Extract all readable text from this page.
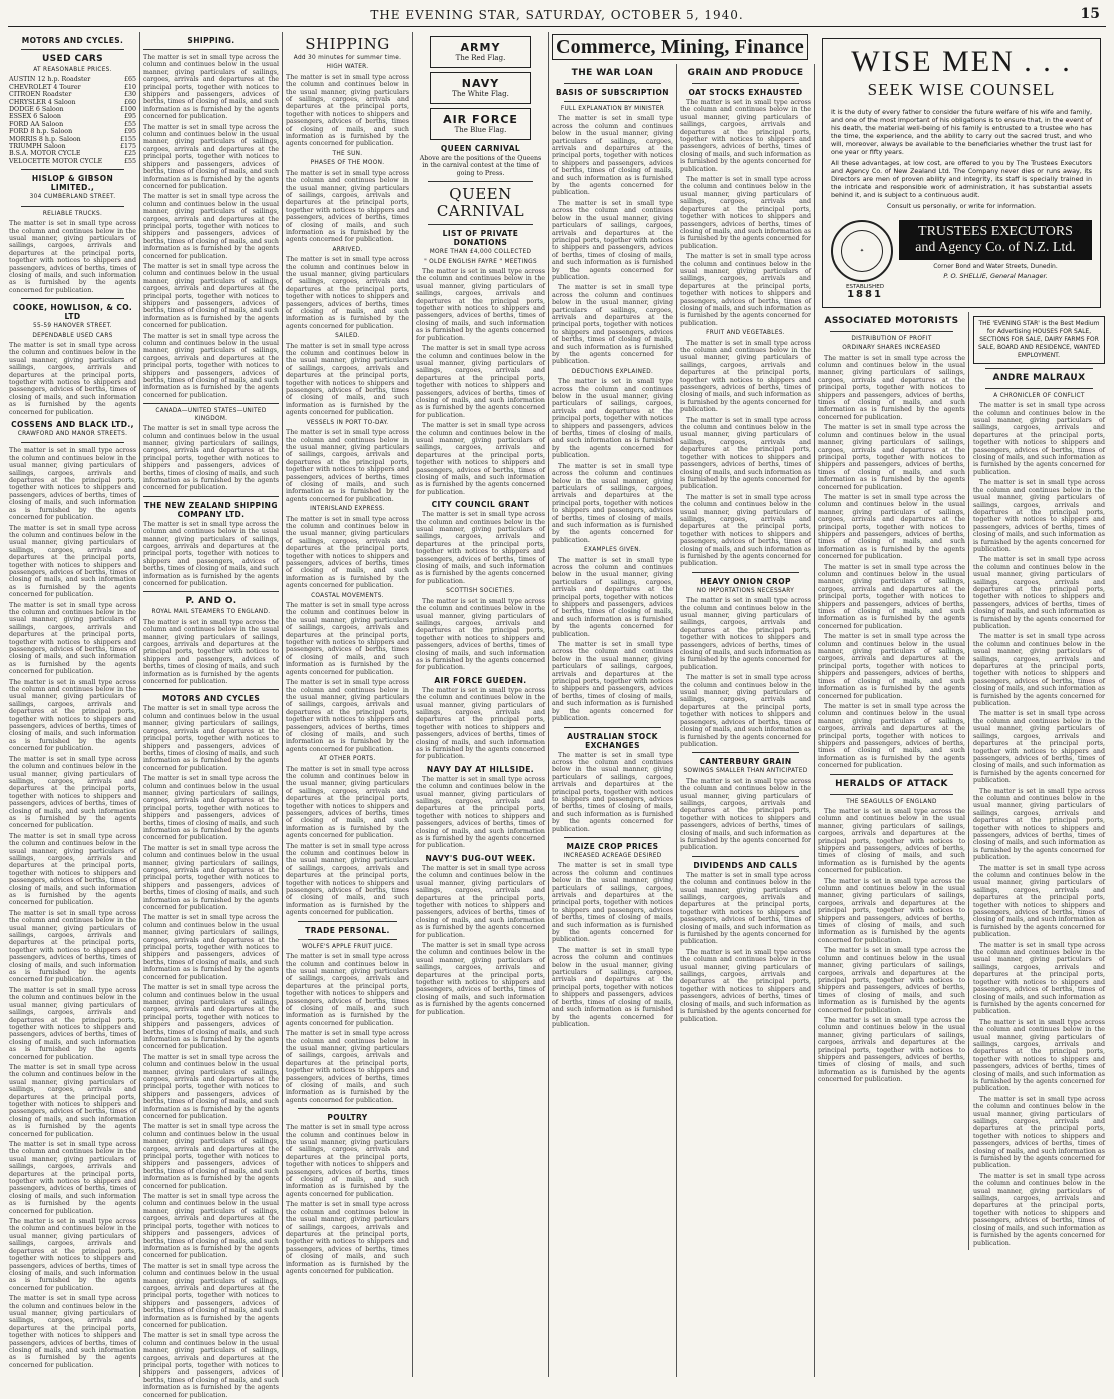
THE EVENING STAR, SATURDAY, OCTOBER 5, 1940.	15
MOTORS AND CYCLES.
USED CARS
AT REASONABLE PRICES.
AUSTIN 12 h.p. Roadster	£65
CHEVROLET 4 Tourer	£10
CITROEN Roadster	£30
CHRYSLER 4 Saloon	£60
DODGE 6 Saloon	£100
ESSEX 6 Saloon	£95
FORD AA Saloon	£55
FORD 8 h.p. Saloon	£95
MORRIS 8 h.p. Saloon	£155
TRIUMPH Saloon	£175
B.S.A. MOTOR CYCLE	£25
VELOCETTE MOTOR CYCLE	£55
HISLOP & GIBSON LIMITED.,
304 CUMBERLAND STREET.
RELIABLE TRUCKS.

The matter is set in small type across the column and continues below in the usual manner, giving particulars of sailings, cargoes, arrivals and departures at the principal ports, together with notices to shippers and passengers, advices of berths, times of closing of mails, and such information as is furnished by the agents concerned for publication.

COOKE, HOWLISON, & CO. LTD
55-59 HANOVER STREET.
DEPENDABLE USED CARS

The matter is set in small type across the column and continues below in the usual manner, giving particulars of sailings, cargoes, arrivals and departures at the principal ports, together with notices to shippers and passengers, advices of berths, times of closing of mails, and such information as is furnished by the agents concerned for publication.

COSSENS AND BLACK LTD.,
CRAWFORD AND MANOR STREETS.

The matter is set in small type across the column and continues below in the usual manner, giving particulars of sailings, cargoes, arrivals and departures at the principal ports, together with notices to shippers and passengers, advices of berths, times of closing of mails, and such information as is furnished by the agents concerned for publication.

The matter is set in small type across the column and continues below in the usual manner, giving particulars of sailings, cargoes, arrivals and departures at the principal ports, together with notices to shippers and passengers, advices of berths, times of closing of mails, and such information as is furnished by the agents concerned for publication.

The matter is set in small type across the column and continues below in the usual manner, giving particulars of sailings, cargoes, arrivals and departures at the principal ports, together with notices to shippers and passengers, advices of berths, times of closing of mails, and such information as is furnished by the agents concerned for publication.

The matter is set in small type across the column and continues below in the usual manner, giving particulars of sailings, cargoes, arrivals and departures at the principal ports, together with notices to shippers and passengers, advices of berths, times of closing of mails, and such information as is furnished by the agents concerned for publication.

The matter is set in small type across the column and continues below in the usual manner, giving particulars of sailings, cargoes, arrivals and departures at the principal ports, together with notices to shippers and passengers, advices of berths, times of closing of mails, and such information as is furnished by the agents concerned for publication.

The matter is set in small type across the column and continues below in the usual manner, giving particulars of sailings, cargoes, arrivals and departures at the principal ports, together with notices to shippers and passengers, advices of berths, times of closing of mails, and such information as is furnished by the agents concerned for publication.

The matter is set in small type across the column and continues below in the usual manner, giving particulars of sailings, cargoes, arrivals and departures at the principal ports, together with notices to shippers and passengers, advices of berths, times of closing of mails, and such information as is furnished by the agents concerned for publication.

The matter is set in small type across the column and continues below in the usual manner, giving particulars of sailings, cargoes, arrivals and departures at the principal ports, together with notices to shippers and passengers, advices of berths, times of closing of mails, and such information as is furnished by the agents concerned for publication.

The matter is set in small type across the column and continues below in the usual manner, giving particulars of sailings, cargoes, arrivals and departures at the principal ports, together with notices to shippers and passengers, advices of berths, times of closing of mails, and such information as is furnished by the agents concerned for publication.

The matter is set in small type across the column and continues below in the usual manner, giving particulars of sailings, cargoes, arrivals and departures at the principal ports, together with notices to shippers and passengers, advices of berths, times of closing of mails, and such information as is furnished by the agents concerned for publication.

The matter is set in small type across the column and continues below in the usual manner, giving particulars of sailings, cargoes, arrivals and departures at the principal ports, together with notices to shippers and passengers, advices of berths, times of closing of mails, and such information as is furnished by the agents concerned for publication.

The matter is set in small type across the column and continues below in the usual manner, giving particulars of sailings, cargoes, arrivals and departures at the principal ports, together with notices to shippers and passengers, advices of berths, times of closing of mails, and such information as is furnished by the agents concerned for publication.

SHIPPING.

The matter is set in small type across the column and continues below in the usual manner, giving particulars of sailings, cargoes, arrivals and departures at the principal ports, together with notices to shippers and passengers, advices of berths, times of closing of mails, and such information as is furnished by the agents concerned for publication.

The matter is set in small type across the column and continues below in the usual manner, giving particulars of sailings, cargoes, arrivals and departures at the principal ports, together with notices to shippers and passengers, advices of berths, times of closing of mails, and such information as is furnished by the agents concerned for publication.

The matter is set in small type across the column and continues below in the usual manner, giving particulars of sailings, cargoes, arrivals and departures at the principal ports, together with notices to shippers and passengers, advices of berths, times of closing of mails, and such information as is furnished by the agents concerned for publication.

The matter is set in small type across the column and continues below in the usual manner, giving particulars of sailings, cargoes, arrivals and departures at the principal ports, together with notices to shippers and passengers, advices of berths, times of closing of mails, and such information as is furnished by the agents concerned for publication.

The matter is set in small type across the column and continues below in the usual manner, giving particulars of sailings, cargoes, arrivals and departures at the principal ports, together with notices to shippers and passengers, advices of berths, times of closing of mails, and such information as is furnished by the agents concerned for publication.

CANADA—UNITED STATES—UNITED KINGDOM.

The matter is set in small type across the column and continues below in the usual manner, giving particulars of sailings, cargoes, arrivals and departures at the principal ports, together with notices to shippers and passengers, advices of berths, times of closing of mails, and such information as is furnished by the agents concerned for publication.

THE NEW ZEALAND SHIPPING COMPANY LTD.

The matter is set in small type across the column and continues below in the usual manner, giving particulars of sailings, cargoes, arrivals and departures at the principal ports, together with notices to shippers and passengers, advices of berths, times of closing of mails, and such information as is furnished by the agents concerned for publication.

P. AND O.
ROYAL MAIL STEAMERS TO ENGLAND.

The matter is set in small type across the column and continues below in the usual manner, giving particulars of sailings, cargoes, arrivals and departures at the principal ports, together with notices to shippers and passengers, advices of berths, times of closing of mails, and such information as is furnished by the agents concerned for publication.

MOTORS AND CYCLES

The matter is set in small type across the column and continues below in the usual manner, giving particulars of sailings, cargoes, arrivals and departures at the principal ports, together with notices to shippers and passengers, advices of berths, times of closing of mails, and such information as is furnished by the agents concerned for publication.

The matter is set in small type across the column and continues below in the usual manner, giving particulars of sailings, cargoes, arrivals and departures at the principal ports, together with notices to shippers and passengers, advices of berths, times of closing of mails, and such information as is furnished by the agents concerned for publication.

The matter is set in small type across the column and continues below in the usual manner, giving particulars of sailings, cargoes, arrivals and departures at the principal ports, together with notices to shippers and passengers, advices of berths, times of closing of mails, and such information as is furnished by the agents concerned for publication.

The matter is set in small type across the column and continues below in the usual manner, giving particulars of sailings, cargoes, arrivals and departures at the principal ports, together with notices to shippers and passengers, advices of berths, times of closing of mails, and such information as is furnished by the agents concerned for publication.

The matter is set in small type across the column and continues below in the usual manner, giving particulars of sailings, cargoes, arrivals and departures at the principal ports, together with notices to shippers and passengers, advices of berths, times of closing of mails, and such information as is furnished by the agents concerned for publication.

The matter is set in small type across the column and continues below in the usual manner, giving particulars of sailings, cargoes, arrivals and departures at the principal ports, together with notices to shippers and passengers, advices of berths, times of closing of mails, and such information as is furnished by the agents concerned for publication.

The matter is set in small type across the column and continues below in the usual manner, giving particulars of sailings, cargoes, arrivals and departures at the principal ports, together with notices to shippers and passengers, advices of berths, times of closing of mails, and such information as is furnished by the agents concerned for publication.

The matter is set in small type across the column and continues below in the usual manner, giving particulars of sailings, cargoes, arrivals and departures at the principal ports, together with notices to shippers and passengers, advices of berths, times of closing of mails, and such information as is furnished by the agents concerned for publication.

The matter is set in small type across the column and continues below in the usual manner, giving particulars of sailings, cargoes, arrivals and departures at the principal ports, together with notices to shippers and passengers, advices of berths, times of closing of mails, and such information as is furnished by the agents concerned for publication.

The matter is set in small type across the column and continues below in the usual manner, giving particulars of sailings, cargoes, arrivals and departures at the principal ports, together with notices to shippers and passengers, advices of berths, times of closing of mails, and such information as is furnished by the agents concerned for publication.

SHIPPING
Add 30 minutes for summer time.
HIGH WATER.

The matter is set in small type across the column and continues below in the usual manner, giving particulars of sailings, cargoes, arrivals and departures at the principal ports, together with notices to shippers and passengers, advices of berths, times of closing of mails, and such information as is furnished by the agents concerned for publication.

THE SUN.
PHASES OF THE MOON.

The matter is set in small type across the column and continues below in the usual manner, giving particulars of sailings, cargoes, arrivals and departures at the principal ports, together with notices to shippers and passengers, advices of berths, times of closing of mails, and such information as is furnished by the agents concerned for publication.

ARRIVED.

The matter is set in small type across the column and continues below in the usual manner, giving particulars of sailings, cargoes, arrivals and departures at the principal ports, together with notices to shippers and passengers, advices of berths, times of closing of mails, and such information as is furnished by the agents concerned for publication.

SAILED.

The matter is set in small type across the column and continues below in the usual manner, giving particulars of sailings, cargoes, arrivals and departures at the principal ports, together with notices to shippers and passengers, advices of berths, times of closing of mails, and such information as is furnished by the agents concerned for publication.

VESSELS IN PORT TO-DAY.

The matter is set in small type across the column and continues below in the usual manner, giving particulars of sailings, cargoes, arrivals and departures at the principal ports, together with notices to shippers and passengers, advices of berths, times of closing of mails, and such information as is furnished by the agents concerned for publication.

INTERISLAND EXPRESS.

The matter is set in small type across the column and continues below in the usual manner, giving particulars of sailings, cargoes, arrivals and departures at the principal ports, together with notices to shippers and passengers, advices of berths, times of closing of mails, and such information as is furnished by the agents concerned for publication.

COASTAL MOVEMENTS.

The matter is set in small type across the column and continues below in the usual manner, giving particulars of sailings, cargoes, arrivals and departures at the principal ports, together with notices to shippers and passengers, advices of berths, times of closing of mails, and such information as is furnished by the agents concerned for publication.

The matter is set in small type across the column and continues below in the usual manner, giving particulars of sailings, cargoes, arrivals and departures at the principal ports, together with notices to shippers and passengers, advices of berths, times of closing of mails, and such information as is furnished by the agents concerned for publication.

AT OTHER PORTS.

The matter is set in small type across the column and continues below in the usual manner, giving particulars of sailings, cargoes, arrivals and departures at the principal ports, together with notices to shippers and passengers, advices of berths, times of closing of mails, and such information as is furnished by the agents concerned for publication.

The matter is set in small type across the column and continues below in the usual manner, giving particulars of sailings, cargoes, arrivals and departures at the principal ports, together with notices to shippers and passengers, advices of berths, times of closing of mails, and such information as is furnished by the agents concerned for publication.

TRADE PERSONAL.
WOLFE'S APPLE FRUIT JUICE.

The matter is set in small type across the column and continues below in the usual manner, giving particulars of sailings, cargoes, arrivals and departures at the principal ports, together with notices to shippers and passengers, advices of berths, times of closing of mails, and such information as is furnished by the agents concerned for publication.

The matter is set in small type across the column and continues below in the usual manner, giving particulars of sailings, cargoes, arrivals and departures at the principal ports, together with notices to shippers and passengers, advices of berths, times of closing of mails, and such information as is furnished by the agents concerned for publication.

POULTRY

The matter is set in small type across the column and continues below in the usual manner, giving particulars of sailings, cargoes, arrivals and departures at the principal ports, together with notices to shippers and passengers, advices of berths, times of closing of mails, and such information as is furnished by the agents concerned for publication.

The matter is set in small type across the column and continues below in the usual manner, giving particulars of sailings, cargoes, arrivals and departures at the principal ports, together with notices to shippers and passengers, advices of berths, times of closing of mails, and such information as is furnished by the agents concerned for publication.

ARMY
The Red Flag.
NAVY
The White Flag.
AIR FORCE
The Blue Flag.
QUEEN CARNIVAL

Above are the positions of the Queens in the carnival contest at the time of going to Press.

QUEEN CARNIVAL
LIST OF PRIVATE DONATIONS
MORE THAN £4,000 COLLECTED
" OLDE ENGLISH FAYRE " MEETINGS

The matter is set in small type across the column and continues below in the usual manner, giving particulars of sailings, cargoes, arrivals and departures at the principal ports, together with notices to shippers and passengers, advices of berths, times of closing of mails, and such information as is furnished by the agents concerned for publication.

The matter is set in small type across the column and continues below in the usual manner, giving particulars of sailings, cargoes, arrivals and departures at the principal ports, together with notices to shippers and passengers, advices of berths, times of closing of mails, and such information as is furnished by the agents concerned for publication.

The matter is set in small type across the column and continues below in the usual manner, giving particulars of sailings, cargoes, arrivals and departures at the principal ports, together with notices to shippers and passengers, advices of berths, times of closing of mails, and such information as is furnished by the agents concerned for publication.

CITY COUNCIL GRANT

The matter is set in small type across the column and continues below in the usual manner, giving particulars of sailings, cargoes, arrivals and departures at the principal ports, together with notices to shippers and passengers, advices of berths, times of closing of mails, and such information as is furnished by the agents concerned for publication.

SCOTTISH SOCIETIES.

The matter is set in small type across the column and continues below in the usual manner, giving particulars of sailings, cargoes, arrivals and departures at the principal ports, together with notices to shippers and passengers, advices of berths, times of closing of mails, and such information as is furnished by the agents concerned for publication.

AIR FORCE GUEDEN.

The matter is set in small type across the column and continues below in the usual manner, giving particulars of sailings, cargoes, arrivals and departures at the principal ports, together with notices to shippers and passengers, advices of berths, times of closing of mails, and such information as is furnished by the agents concerned for publication.

NAVY DAY AT HILLSIDE.

The matter is set in small type across the column and continues below in the usual manner, giving particulars of sailings, cargoes, arrivals and departures at the principal ports, together with notices to shippers and passengers, advices of berths, times of closing of mails, and such information as is furnished by the agents concerned for publication.

NAVY'S DUG-OUT WEEK.

The matter is set in small type across the column and continues below in the usual manner, giving particulars of sailings, cargoes, arrivals and departures at the principal ports, together with notices to shippers and passengers, advices of berths, times of closing of mails, and such information as is furnished by the agents concerned for publication.

The matter is set in small type across the column and continues below in the usual manner, giving particulars of sailings, cargoes, arrivals and departures at the principal ports, together with notices to shippers and passengers, advices of berths, times of closing of mails, and such information as is furnished by the agents concerned for publication.

Commerce, Mining, Finance
THE WAR LOAN
BASIS OF SUBSCRIPTION
FULL EXPLANATION BY MINISTER

The matter is set in small type across the column and continues below in the usual manner, giving particulars of sailings, cargoes, arrivals and departures at the principal ports, together with notices to shippers and passengers, advices of berths, times of closing of mails, and such information as is furnished by the agents concerned for publication.

The matter is set in small type across the column and continues below in the usual manner, giving particulars of sailings, cargoes, arrivals and departures at the principal ports, together with notices to shippers and passengers, advices of berths, times of closing of mails, and such information as is furnished by the agents concerned for publication.

The matter is set in small type across the column and continues below in the usual manner, giving particulars of sailings, cargoes, arrivals and departures at the principal ports, together with notices to shippers and passengers, advices of berths, times of closing of mails, and such information as is furnished by the agents concerned for publication.

DEDUCTIONS EXPLAINED.

The matter is set in small type across the column and continues below in the usual manner, giving particulars of sailings, cargoes, arrivals and departures at the principal ports, together with notices to shippers and passengers, advices of berths, times of closing of mails, and such information as is furnished by the agents concerned for publication.

The matter is set in small type across the column and continues below in the usual manner, giving particulars of sailings, cargoes, arrivals and departures at the principal ports, together with notices to shippers and passengers, advices of berths, times of closing of mails, and such information as is furnished by the agents concerned for publication.

EXAMPLES GIVEN.

The matter is set in small type across the column and continues below in the usual manner, giving particulars of sailings, cargoes, arrivals and departures at the principal ports, together with notices to shippers and passengers, advices of berths, times of closing of mails, and such information as is furnished by the agents concerned for publication.

The matter is set in small type across the column and continues below in the usual manner, giving particulars of sailings, cargoes, arrivals and departures at the principal ports, together with notices to shippers and passengers, advices of berths, times of closing of mails, and such information as is furnished by the agents concerned for publication.

AUSTRALIAN STOCK EXCHANGES

The matter is set in small type across the column and continues below in the usual manner, giving particulars of sailings, cargoes, arrivals and departures at the principal ports, together with notices to shippers and passengers, advices of berths, times of closing of mails, and such information as is furnished by the agents concerned for publication.

MAIZE CROP PRICES
INCREASED ACREAGE DESIRED

The matter is set in small type across the column and continues below in the usual manner, giving particulars of sailings, cargoes, arrivals and departures at the principal ports, together with notices to shippers and passengers, advices of berths, times of closing of mails, and such information as is furnished by the agents concerned for publication.

The matter is set in small type across the column and continues below in the usual manner, giving particulars of sailings, cargoes, arrivals and departures at the principal ports, together with notices to shippers and passengers, advices of berths, times of closing of mails, and such information as is furnished by the agents concerned for publication.

GRAIN AND PRODUCE
OAT STOCKS EXHAUSTED

The matter is set in small type across the column and continues below in the usual manner, giving particulars of sailings, cargoes, arrivals and departures at the principal ports, together with notices to shippers and passengers, advices of berths, times of closing of mails, and such information as is furnished by the agents concerned for publication.

The matter is set in small type across the column and continues below in the usual manner, giving particulars of sailings, cargoes, arrivals and departures at the principal ports, together with notices to shippers and passengers, advices of berths, times of closing of mails, and such information as is furnished by the agents concerned for publication.

The matter is set in small type across the column and continues below in the usual manner, giving particulars of sailings, cargoes, arrivals and departures at the principal ports, together with notices to shippers and passengers, advices of berths, times of closing of mails, and such information as is furnished by the agents concerned for publication.

FRUIT AND VEGETABLES.

The matter is set in small type across the column and continues below in the usual manner, giving particulars of sailings, cargoes, arrivals and departures at the principal ports, together with notices to shippers and passengers, advices of berths, times of closing of mails, and such information as is furnished by the agents concerned for publication.

The matter is set in small type across the column and continues below in the usual manner, giving particulars of sailings, cargoes, arrivals and departures at the principal ports, together with notices to shippers and passengers, advices of berths, times of closing of mails, and such information as is furnished by the agents concerned for publication.

The matter is set in small type across the column and continues below in the usual manner, giving particulars of sailings, cargoes, arrivals and departures at the principal ports, together with notices to shippers and passengers, advices of berths, times of closing of mails, and such information as is furnished by the agents concerned for publication.

HEAVY ONION CROP
NO IMPORTATIONS NECESSARY

The matter is set in small type across the column and continues below in the usual manner, giving particulars of sailings, cargoes, arrivals and departures at the principal ports, together with notices to shippers and passengers, advices of berths, times of closing of mails, and such information as is furnished by the agents concerned for publication.

The matter is set in small type across the column and continues below in the usual manner, giving particulars of sailings, cargoes, arrivals and departures at the principal ports, together with notices to shippers and passengers, advices of berths, times of closing of mails, and such information as is furnished by the agents concerned for publication.

CANTERBURY GRAIN
SOWINGS SMALLER THAN ANTICIPATED

The matter is set in small type across the column and continues below in the usual manner, giving particulars of sailings, cargoes, arrivals and departures at the principal ports, together with notices to shippers and passengers, advices of berths, times of closing of mails, and such information as is furnished by the agents concerned for publication.

DIVIDENDS AND CALLS

The matter is set in small type across the column and continues below in the usual manner, giving particulars of sailings, cargoes, arrivals and departures at the principal ports, together with notices to shippers and passengers, advices of berths, times of closing of mails, and such information as is furnished by the agents concerned for publication.

The matter is set in small type across the column and continues below in the usual manner, giving particulars of sailings, cargoes, arrivals and departures at the principal ports, together with notices to shippers and passengers, advices of berths, times of closing of mails, and such information as is furnished by the agents concerned for publication.

WISE MEN . . .
SEEK WISE COUNSEL

It is the duty of every father to consider the future welfare of his wife and family, and one of the most important of his obligations is to ensure that, in the event of his death, the material well-being of his family is entrusted to a trustee who has the time, the experience, and the ability to carry out the sacred trust, and who will, moreover, always be available to the beneficiaries whether the trust last for one year or fifty years.

All these advantages, at low cost, are offered to you by The Trustees Executors and Agency Co. of New Zealand Ltd. The Company never dies or runs away, its Directors are men of proven ability and integrity, its staff is specially trained in the intricate and responsible work of administration, it has substantial assets behind it, and is subject to a continuous audit.

Consult us personally, or write for information.

✦
ESTABLISHED
1881
TRUSTEES EXECUTORS
and Agency Co. of N.Z. Ltd.
Corner Bond and Water Streets, Dunedin.
P. O. SHELLIE, General Manager.
ASSOCIATED MOTORISTS
DISTRIBUTION OF PROFIT
ORDINARY SHARES INCREASED

The matter is set in small type across the column and continues below in the usual manner, giving particulars of sailings, cargoes, arrivals and departures at the principal ports, together with notices to shippers and passengers, advices of berths, times of closing of mails, and such information as is furnished by the agents concerned for publication.

The matter is set in small type across the column and continues below in the usual manner, giving particulars of sailings, cargoes, arrivals and departures at the principal ports, together with notices to shippers and passengers, advices of berths, times of closing of mails, and such information as is furnished by the agents concerned for publication.

The matter is set in small type across the column and continues below in the usual manner, giving particulars of sailings, cargoes, arrivals and departures at the principal ports, together with notices to shippers and passengers, advices of berths, times of closing of mails, and such information as is furnished by the agents concerned for publication.

The matter is set in small type across the column and continues below in the usual manner, giving particulars of sailings, cargoes, arrivals and departures at the principal ports, together with notices to shippers and passengers, advices of berths, times of closing of mails, and such information as is furnished by the agents concerned for publication.

The matter is set in small type across the column and continues below in the usual manner, giving particulars of sailings, cargoes, arrivals and departures at the principal ports, together with notices to shippers and passengers, advices of berths, times of closing of mails, and such information as is furnished by the agents concerned for publication.

The matter is set in small type across the column and continues below in the usual manner, giving particulars of sailings, cargoes, arrivals and departures at the principal ports, together with notices to shippers and passengers, advices of berths, times of closing of mails, and such information as is furnished by the agents concerned for publication.

HERALDS OF ATTACK
THE SEAGULLS OF ENGLAND

The matter is set in small type across the column and continues below in the usual manner, giving particulars of sailings, cargoes, arrivals and departures at the principal ports, together with notices to shippers and passengers, advices of berths, times of closing of mails, and such information as is furnished by the agents concerned for publication.

The matter is set in small type across the column and continues below in the usual manner, giving particulars of sailings, cargoes, arrivals and departures at the principal ports, together with notices to shippers and passengers, advices of berths, times of closing of mails, and such information as is furnished by the agents concerned for publication.

The matter is set in small type across the column and continues below in the usual manner, giving particulars of sailings, cargoes, arrivals and departures at the principal ports, together with notices to shippers and passengers, advices of berths, times of closing of mails, and such information as is furnished by the agents concerned for publication.

The matter is set in small type across the column and continues below in the usual manner, giving particulars of sailings, cargoes, arrivals and departures at the principal ports, together with notices to shippers and passengers, advices of berths, times of closing of mails, and such information as is furnished by the agents concerned for publication.

THE 'EVENING STAR' is the Best Medium for Advertising HOUSES FOR SALE, SECTIONS FOR SALE, DAIRY FARMS FOR SALE, BOARD AND RESIDENCE, WANTED EMPLOYMENT.
ANDRE MALRAUX
A CHRONICLER OF CONFLICT

The matter is set in small type across the column and continues below in the usual manner, giving particulars of sailings, cargoes, arrivals and departures at the principal ports, together with notices to shippers and passengers, advices of berths, times of closing of mails, and such information as is furnished by the agents concerned for publication.

The matter is set in small type across the column and continues below in the usual manner, giving particulars of sailings, cargoes, arrivals and departures at the principal ports, together with notices to shippers and passengers, advices of berths, times of closing of mails, and such information as is furnished by the agents concerned for publication.

The matter is set in small type across the column and continues below in the usual manner, giving particulars of sailings, cargoes, arrivals and departures at the principal ports, together with notices to shippers and passengers, advices of berths, times of closing of mails, and such information as is furnished by the agents concerned for publication.

The matter is set in small type across the column and continues below in the usual manner, giving particulars of sailings, cargoes, arrivals and departures at the principal ports, together with notices to shippers and passengers, advices of berths, times of closing of mails, and such information as is furnished by the agents concerned for publication.

The matter is set in small type across the column and continues below in the usual manner, giving particulars of sailings, cargoes, arrivals and departures at the principal ports, together with notices to shippers and passengers, advices of berths, times of closing of mails, and such information as is furnished by the agents concerned for publication.

The matter is set in small type across the column and continues below in the usual manner, giving particulars of sailings, cargoes, arrivals and departures at the principal ports, together with notices to shippers and passengers, advices of berths, times of closing of mails, and such information as is furnished by the agents concerned for publication.

The matter is set in small type across the column and continues below in the usual manner, giving particulars of sailings, cargoes, arrivals and departures at the principal ports, together with notices to shippers and passengers, advices of berths, times of closing of mails, and such information as is furnished by the agents concerned for publication.

The matter is set in small type across the column and continues below in the usual manner, giving particulars of sailings, cargoes, arrivals and departures at the principal ports, together with notices to shippers and passengers, advices of berths, times of closing of mails, and such information as is furnished by the agents concerned for publication.

The matter is set in small type across the column and continues below in the usual manner, giving particulars of sailings, cargoes, arrivals and departures at the principal ports, together with notices to shippers and passengers, advices of berths, times of closing of mails, and such information as is furnished by the agents concerned for publication.

The matter is set in small type across the column and continues below in the usual manner, giving particulars of sailings, cargoes, arrivals and departures at the principal ports, together with notices to shippers and passengers, advices of berths, times of closing of mails, and such information as is furnished by the agents concerned for publication.

The matter is set in small type across the column and continues below in the usual manner, giving particulars of sailings, cargoes, arrivals and departures at the principal ports, together with notices to shippers and passengers, advices of berths, times of closing of mails, and such information as is furnished by the agents concerned for publication.
